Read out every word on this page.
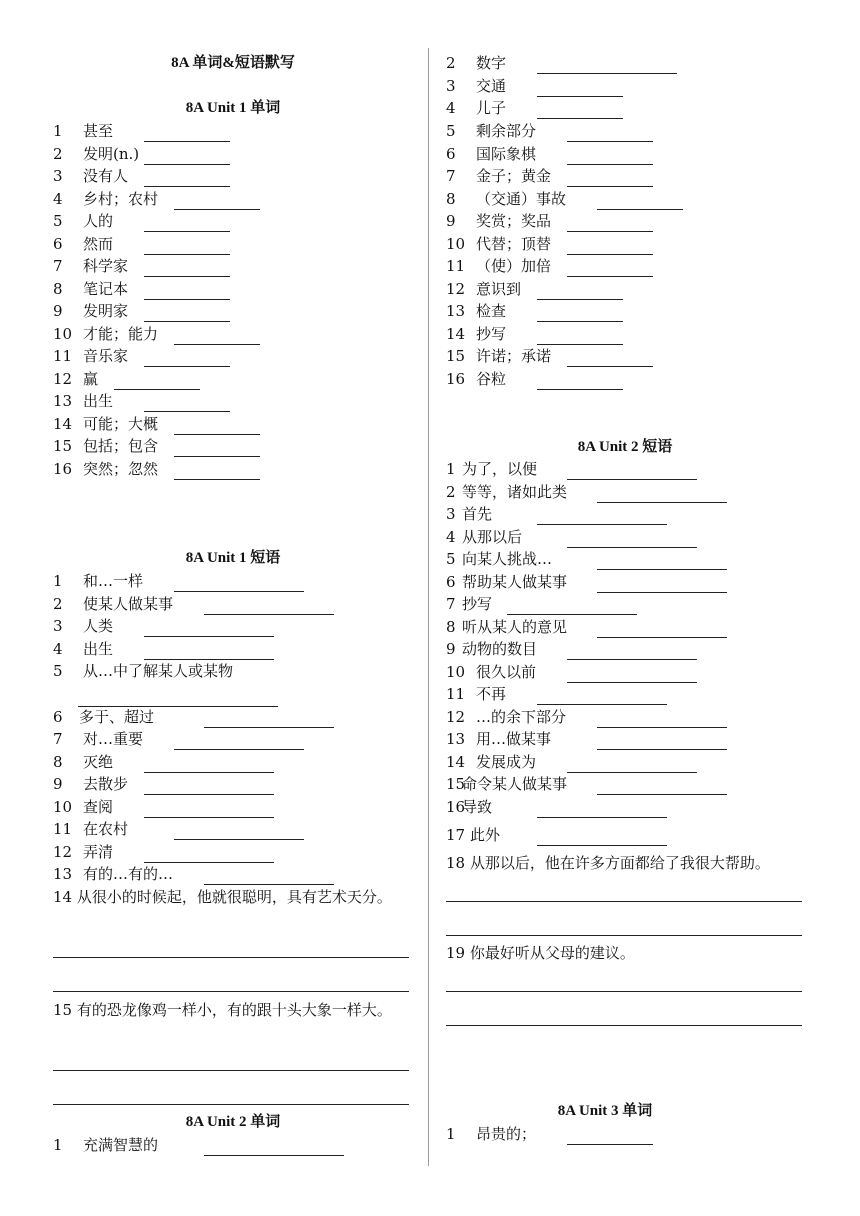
8A 单词&短语默写
8A Unit 1 单词
1 甚至
2 发明(n.)
3 没有人
4 乡村；农村
5 人的
6 然而
7 科学家
8 笔记本
9 发明家
10 才能；能力
11 音乐家
12 赢
13 出生
14 可能；大概
15 包括；包含
16 突然；忽然
8A Unit 1 短语
1 和…一样
2 使某人做某事
3 人类
4 出生
5 从…中了解某人或某物
6 多于、超过
7 对…重要
8 灭绝
9 去散步
10 查阅
11 在农村
12 弄清
13 有的…有的…
14 从很小的时候起，他就很聪明，具有艺术天分。
15 有的恐龙像鸡一样小，有的跟十头大象一样大。
8A Unit 2 单词
1 充满智慧的
2 数字
3 交通
4 儿子
5 剩余部分
6 国际象棋
7 金子；黄金
8 （交通）事故
9 奖赏；奖品
10 代替；顶替
11 （使）加倍
12 意识到
13 检查
14 抄写
15 许诺；承诺
16 谷粒
8A Unit 2 短语
1 为了，以便
2 等等，诸如此类
3 首先
4 从那以后
5 向某人挑战…
6 帮助某人做某事
7 抄写
8 听从某人的意见
9 动物的数目
10 很久以前
11 不再
12 …的余下部分
13 用…做某事
14 发展成为
15命令某人做某事
16导致
17 此外
18 从那以后，他在许多方面都给了我很大帮助。
19 你最好听从父母的建议。
8A Unit 3 单词
1 昂贵的；
